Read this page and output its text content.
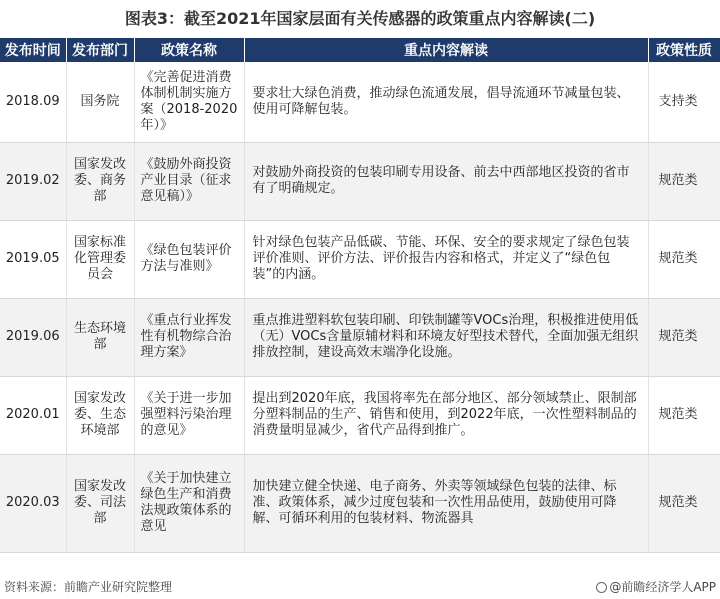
图表3：截至2021年国家层面有关传感器的政策重点内容解读(二)
发布时间	发布部门	政策名称	重点内容解读	政策性质
2018.09	国务院	《完善促进消费体制机制实施方案（2018-2020年）》	要求壮大绿色消费，推动绿色流通发展，倡导流通环节减量包装、使用可降解包装。	支持类
2019.02	国家发改委、商务部	《鼓励外商投资产业目录（征求意见稿）》	对鼓励外商投资的包装印刷专用设备、前去中西部地区投资的省市有了明确规定。	规范类
2019.05	国家标准化管理委员会	《绿色包装评价方法与准则》	针对绿色包装产品低碳、节能、环保、安全的要求规定了绿色包装评价准则、评价方法、评价报告内容和格式，并定义了“绿色包装”的内涵。	规范类
2019.06	生态环境部	《重点行业挥发性有机物综合治理方案》	重点推进塑料软包装印刷、印铁制罐等VOCs治理，积极推进使用低（无）VOCs含量原辅材料和环境友好型技术替代，全面加强无组织排放控制，建设高效末端净化设施。	规范类
2020.01	国家发改委、生态环境部	《关于进一步加强塑料污染治理的意见》	提出到2020年底，我国将率先在部分地区、部分领域禁止、限制部分塑料制品的生产、销售和使用，到2022年底，一次性塑料制品的消费量明显减少，省代产品得到推广。	规范类
2020.03	国家发改委、司法部	《关于加快建立绿色生产和消费法规政策体系的意见	加快建立健全快递、电子商务、外卖等领域绿色包装的法律、标准、政策体系，减少过度包装和一次性用品使用，鼓励使用可降解、可循环利用的包装材料、物流器具	规范类
资料来源：前瞻产业研究院整理	@前瞻经济学人APP
